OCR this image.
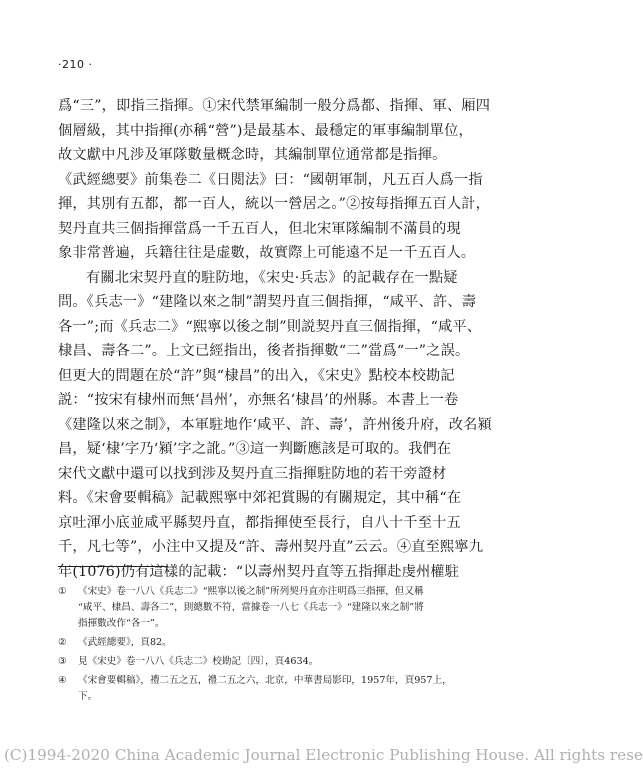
·210 ·
爲“三”，即指三指揮。①宋代禁軍編制一般分爲都、指揮、軍、厢四
個層級，其中指揮(亦稱“營”)是最基本、最穩定的軍事編制單位，
故文獻中凡涉及軍隊數量概念時，其編制單位通常都是指揮。
《武經總要》前集卷二《日閲法》曰：“國朝軍制，凡五百人爲一指
揮，其別有五都，都一百人，統以一營居之。”②按每指揮五百人計，
契丹直共三個指揮當爲一千五百人，但北宋軍隊編制不滿員的現
象非常普遍，兵籍往往是虚數，故實際上可能遠不足一千五百人。
有關北宋契丹直的駐防地，《宋史·兵志》的記載存在一點疑
問。《兵志一》“建隆以來之制”謂契丹直三個指揮，“咸平、許、壽
各一”;而《兵志二》“熙寧以後之制”則説契丹直三個指揮，“咸平、
棣昌、壽各二”。上文已經指出，後者指揮數“二”當爲“一”之誤。
但更大的問題在於“許”與“棣昌”的出入，《宋史》點校本校勘記
説：“按宋有棣州而無‘昌州’，亦無名‘棣昌’的州縣。本書上一卷
《建隆以來之制》，本軍駐地作‘咸平、許、壽’，許州後升府，改名潁
昌，疑‘棣’字乃‘潁’字之訛。”③這一判斷應該是可取的。我們在
宋代文獻中還可以找到涉及契丹直三指揮駐防地的若干旁證材
料。《宋會要輯稿》記載熙寧中郊祀賞賜的有關規定，其中稱“在
京吐渾小底並咸平縣契丹直，都指揮使至長行，自八十千至十五
千，凡七等”，小注中又提及“許、壽州契丹直”云云。④直至熙寧九
年(1076)仍有這樣的記載：“以壽州契丹直等五指揮赴虔州權駐
①	《宋史》卷一八八《兵志二》“熙寧以後之制”所列契丹直亦注明爲三指揮，但又稱
“咸平、棣昌、壽各二”，則總數不符，當據卷一八七《兵志一》“建隆以來之制”將
指揮數改作“各一”。
②	《武經總要》，頁82。
③	見《宋史》卷一八八《兵志二》校勘記〔四〕，頁4634。
④	《宋會要輯稿》，禮二五之五，禮二五之六，北京，中華書局影印，1957年，頁957上，
下。
(C)1994-2020 China Academic Journal Electronic Publishing House. All rights rese
